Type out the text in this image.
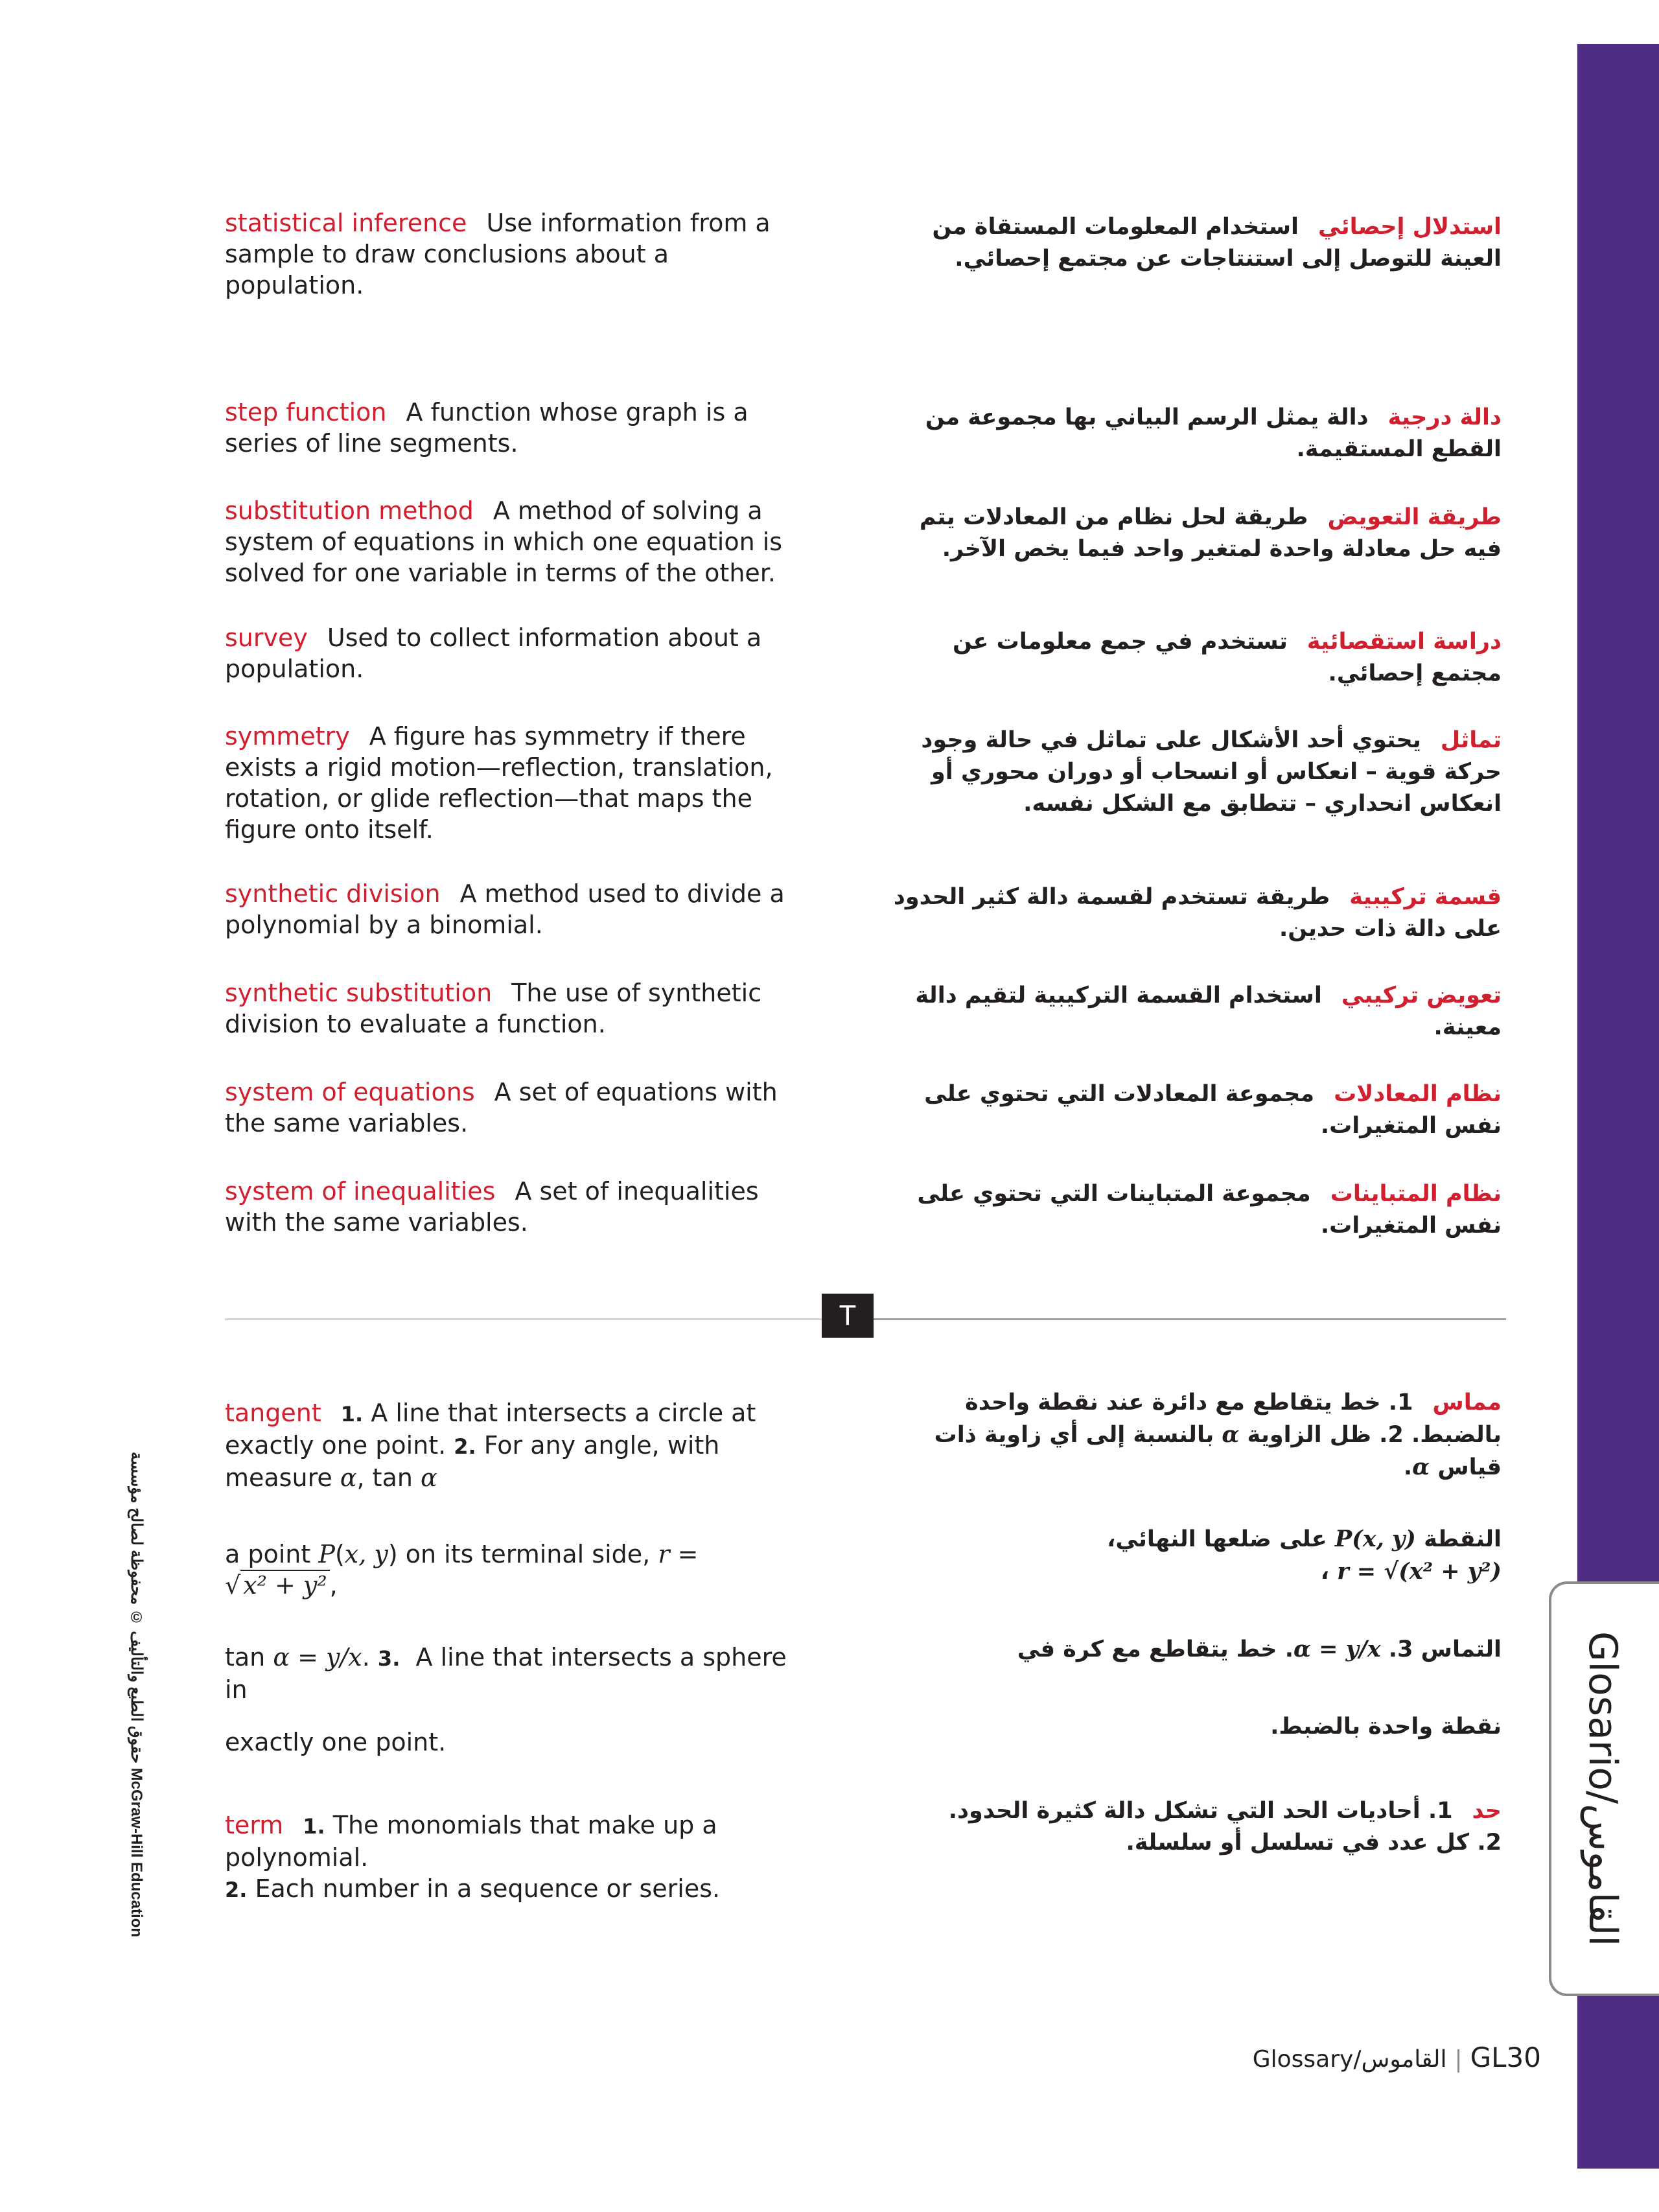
Glosario/القاموس
حقوق الطبع والتأليف © محفوظة لصالح مؤسسة McGraw-Hill Education
statistical inference Use information from a sample to draw conclusions about a population.
step function A function whose graph is a series of line segments.
substitution method A method of solving a system of equations in which one equation is solved for one variable in terms of the other.
survey Used to collect information about a population.
symmetry A figure has symmetry if there exists a rigid motion—reflection, translation, rotation, or glide reflection—that maps the figure onto itself.
synthetic division A method used to divide a polynomial by a binomial.
synthetic substitution The use of synthetic division to evaluate a function.
system of equations A set of equations with the same variables.
system of inequalities A set of inequalities with the same variables.
استدلال إحصائياستخدام المعلومات المستقاة من العينة للتوصل إلى استنتاجات عن مجتمع إحصائي.
دالة درجيةدالة يمثل الرسم البياني بها مجموعة من القطع المستقيمة.
طريقة التعويضطريقة لحل نظام من المعادلات يتم فيه حل معادلة واحدة لمتغير واحد فيما يخص الآخر.
دراسة استقصائيةتستخدم في جمع معلومات عن مجتمع إحصائي.
تماثليحتوي أحد الأشكال على تماثل في حالة وجود حركة قوية – انعكاس أو انسحاب أو دوران محوري أو انعكاس انحداري – تتطابق مع الشكل نفسه.
قسمة تركيبيةطريقة تستخدم لقسمة دالة كثير الحدود على دالة ذات حدين.
تعويض تركيبياستخدام القسمة التركيبية لتقيم دالة معينة.
نظام المعادلاتمجموعة المعادلات التي تحتوي على نفس المتغيرات.
نظام المتبايناتمجموعة المتباينات التي تحتوي على نفس المتغيرات.
T
tangent 1. A line that intersects a circle at exactly one point. 2. For any angle, with measure α, tan α
a point P(x, y) on its terminal side, r =
√ x² + y² ,
tan α = y/x. 3. A line that intersects a sphere in
exactly one point.
مماس1. خط يتقاطع مع دائرة عند نقطة واحدة بالضبط. 2. ظل الزاوية α بالنسبة إلى أي زاوية ذات قياس α.
النقطة P(x, y) على ضلعها النهائي،
r = √(x² + y²) ،
التماس 3. α = y/x. خط يتقاطع مع كرة في
نقطة واحدة بالضبط.
term 1. The monomials that make up a polynomial.
2. Each number in a sequence or series.
حد1. أحاديات الحد التي تشكل دالة كثيرة الحدود.
2. كل عدد في تسلسل أو سلسلة.
Glossary/القاموس | GL30
